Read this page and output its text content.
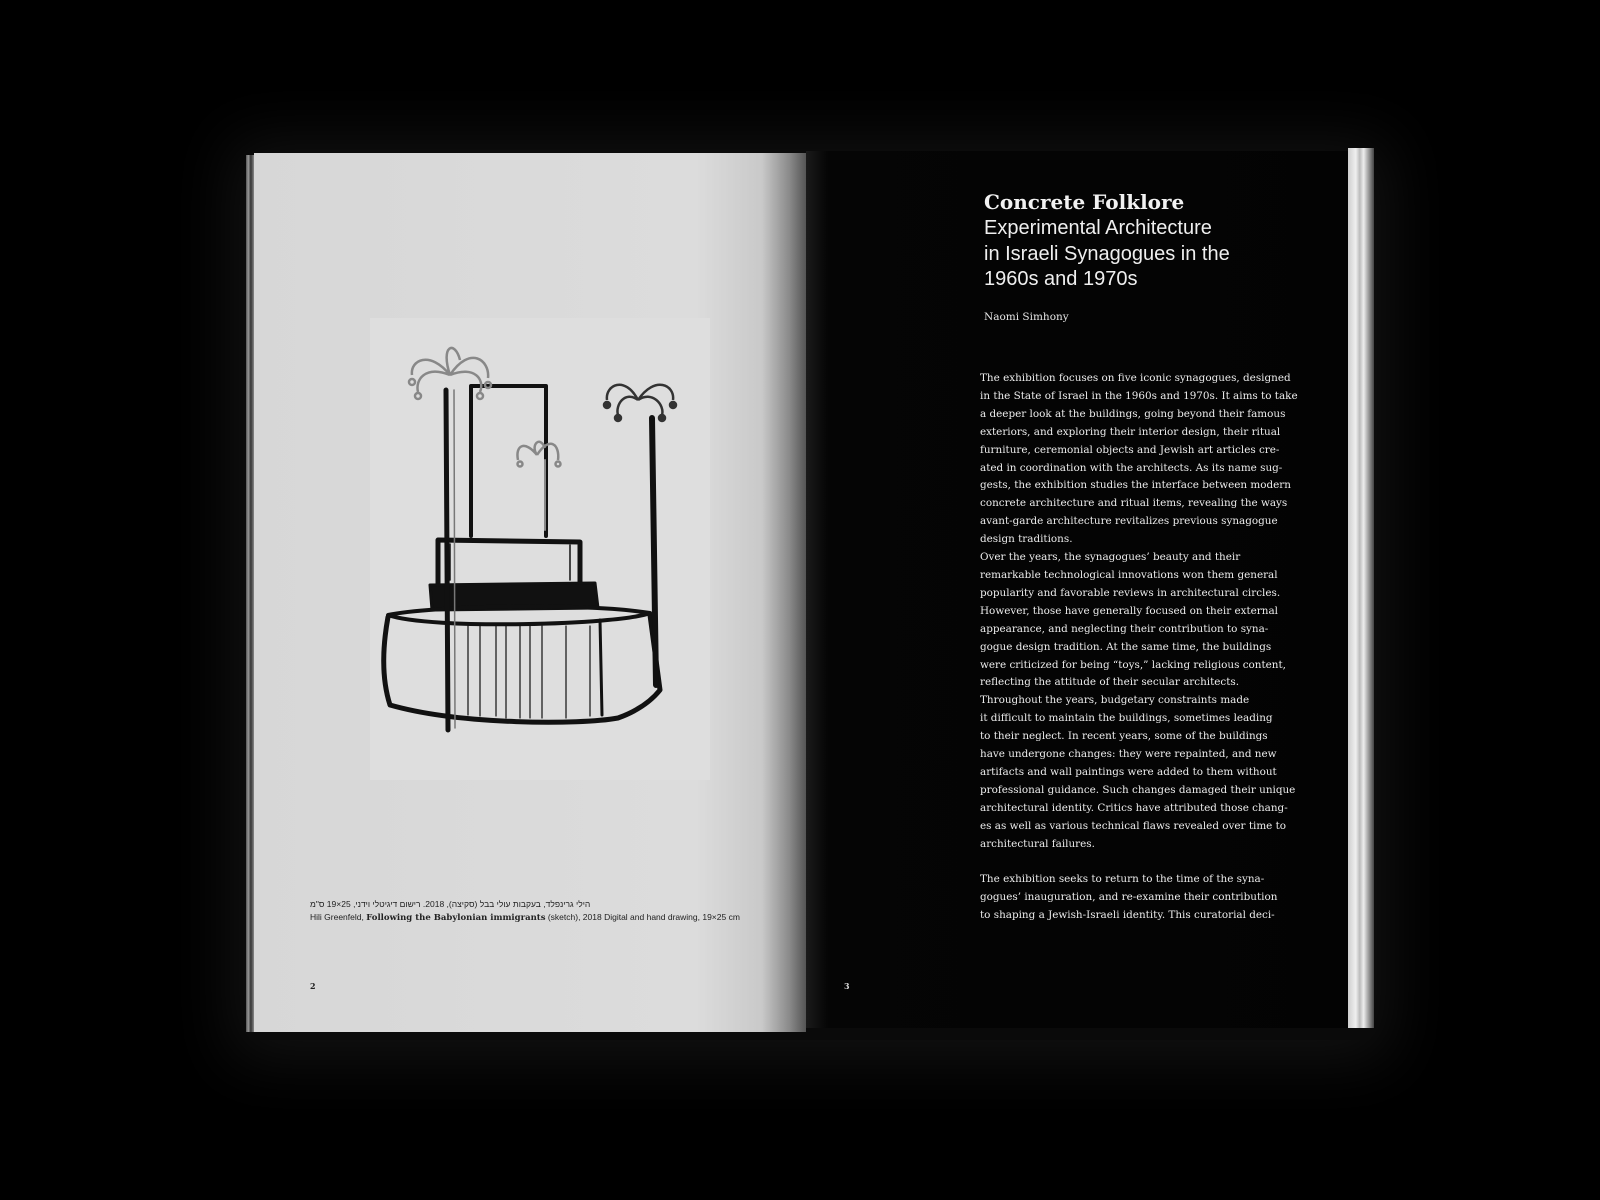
הילי גרינפלד, בעקבות עולי בבל (סקיצה), 2018. רישום דיגיטלי וידני, 25×19 ס"מ
Hili Greenfeld, Following the Babylonian immigrants (sketch), 2018 Digital and hand drawing, 19×25 cm
2
Concrete Folklore
Experimental Architecture
in Israeli Synagogues in the
1960s and 1970s
Naomi Simhony

The exhibition focuses on five iconic synagogues, designed
in the State of Israel in the 1960s and 1970s. It aims to take
a deeper look at the buildings, going beyond their famous
exteriors, and exploring their interior design, their ritual
furniture, ceremonial objects and Jewish art articles cre-
ated in coordination with the architects. As its name sug-
gests, the exhibition studies the interface between modern
concrete architecture and ritual items, revealing the ways
avant-garde architecture revitalizes previous synagogue
design traditions.

Over the years, the synagogues’ beauty and their
remarkable technological innovations won them general
popularity and favorable reviews in architectural circles.
However, those have generally focused on their external
appearance, and neglecting their contribution to syna-
gogue design tradition. At the same time, the buildings
were criticized for being “toys,” lacking religious content,
reflecting the attitude of their secular architects.

Throughout the years, budgetary constraints made
it difficult to maintain the buildings, sometimes leading
to their neglect. In recent years, some of the buildings
have undergone changes: they were repainted, and new
artifacts and wall paintings were added to them without
professional guidance. Such changes damaged their unique
architectural identity. Critics have attributed those chang-
es as well as various technical flaws revealed over time to
architectural failures.

The exhibition seeks to return to the time of the syna-
gogues’ inauguration, and re-examine their contribution
to shaping a Jewish-Israeli identity. This curatorial deci-

3
